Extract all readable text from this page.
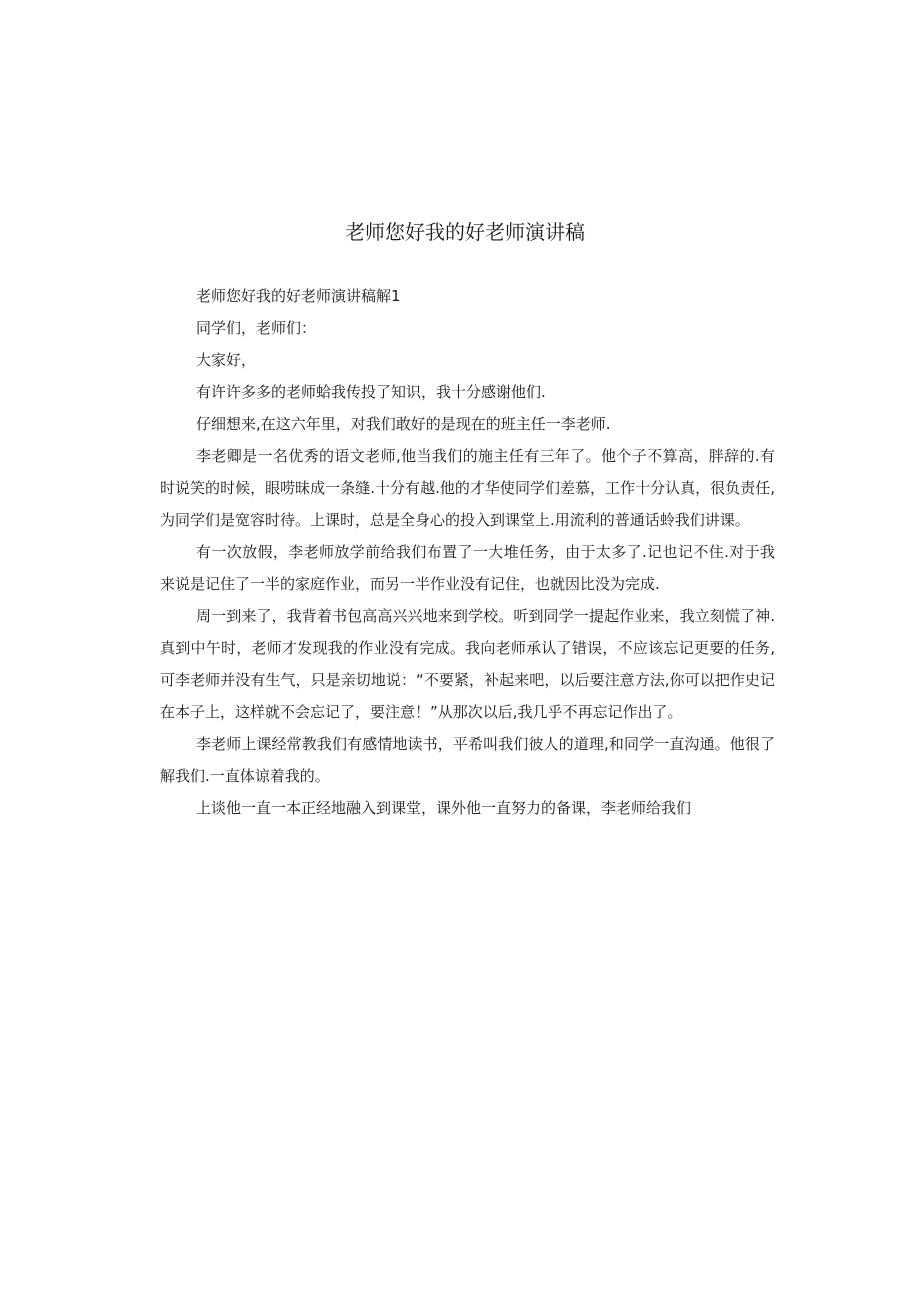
老师您好我的好老师演讲稿

老师您好我的好老师演讲稿解1

同学们，老师们：

大家好，

有许许多多的老师蛤我传投了知识，我十分感谢他们.

仔细想来,在这六年里，对我们敢好的是现在的班主任一李老师.

李老卿是一名优秀的语文老师,他当我们的施主任有三年了。他个子不算高，胖辞的.有时说笑的时候，眼唠昧成一条缝.十分有越.他的才华使同学们差慕，工作十分认真，很负责任,为同学们是宽容时待。上课时，总是全身心的投入到课堂上.用流利的普通话蛉我们讲课。

有一次放假，李老师放学前给我们布置了一大堆任务，由于太多了.记也记不住.对于我来说是记住了一半的家庭作业，而另一半作业没有记住，也就因比没为完成.

周一到来了，我背着书包高高兴兴地来到学校。听到同学一提起作业来，我立刻慌了神.真到中午时，老师才发现我的作业没有完成。我向老师承认了错误，不应该忘记更要的任务,可李老师并没有生气，只是亲切地说：“不要紧，补起来吧，以后要注意方法,你可以把作史记在本子上，这样就不会忘记了，要注意！”从那次以后,我几乎不再忘记作出了。

李老师上课经常教我们有感情地读书，平希叫我们彼人的道理,和同学一直沟通。他很了解我们.一直体谅着我的。

上谈他一直一本正经地融入到课堂，课外他一直努力的备课，李老师给我们
